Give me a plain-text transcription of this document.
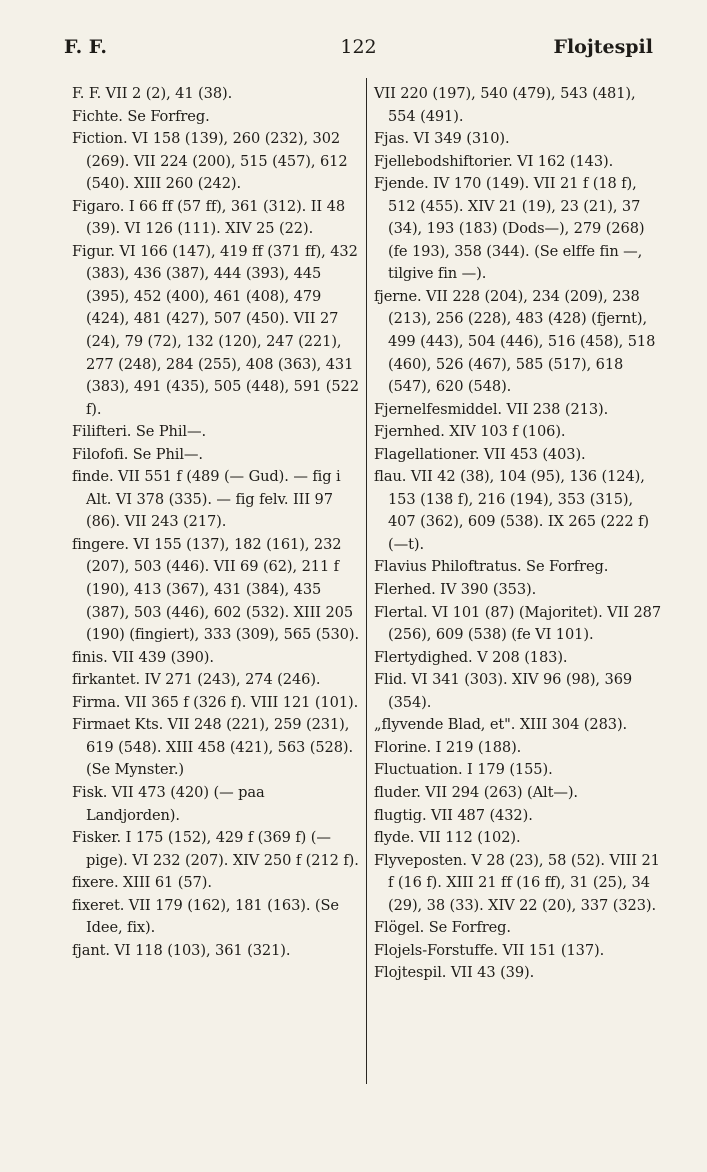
F. F.	122	Flojtespil

F. F. VII 2 (2), 41 (38).

Fichte. Se Forfreg.

Fiction. VI 158 (139), 260 (232), 302 (269). VII 224 (200), 515 (457), 612 (540). XIII 260 (242).

Figaro. I 66 ff (57 ff), 361 (312). II 48 (39). VI 126 (111). XIV 25 (22).

Figur. VI 166 (147), 419 ff (371 ff), 432 (383), 436 (387), 444 (393), 445 (395), 452 (400), 461 (408), 479 (424), 481 (427), 507 (450). VII 27 (24), 79 (72), 132 (120), 247 (221), 277 (248), 284 (255), 408 (363), 431 (383), 491 (435), 505 (448), 591 (522 f).

Filifteri. Se Phil—.

Filofofi. Se Phil—.

finde. VII 551 f (489 (— Gud). — fig i Alt. VI 378 (335). — fig felv. III 97 (86). VII 243 (217).

fingere. VI 155 (137), 182 (161), 232 (207), 503 (446). VII 69 (62), 211 f (190), 413 (367), 431 (384), 435 (387), 503 (446), 602 (532). XIII 205 (190) (fingiert), 333 (309), 565 (530).

finis. VII 439 (390).

firkantet. IV 271 (243), 274 (246).

Firma. VII 365 f (326 f). VIII 121 (101).

Firmaet Kts. VII 248 (221), 259 (231), 619 (548). XIII 458 (421), 563 (528). (Se Mynster.)

Fisk. VII 473 (420) (— paa Landjorden).

Fisker. I 175 (152), 429 f (369 f) (— pige). VI 232 (207). XIV 250 f (212 f).

fixere. XIII 61 (57).

fixeret. VII 179 (162), 181 (163). (Se Idee, fix).

fjant. VI 118 (103), 361 (321).

VII 220 (197), 540 (479), 543 (481), 554 (491).

Fjas. VI 349 (310).

Fjellebodshiftorier. VI 162 (143).

Fjende. IV 170 (149). VII 21 f (18 f), 512 (455). XIV 21 (19), 23 (21), 37 (34), 193 (183) (Dods—), 279 (268) (fe 193), 358 (344). (Se elffe fin —, tilgive fin —).

fjerne. VII 228 (204), 234 (209), 238 (213), 256 (228), 483 (428) (fjernt), 499 (443), 504 (446), 516 (458), 518 (460), 526 (467), 585 (517), 618 (547), 620 (548).

Fjernelfesmiddel. VII 238 (213).

Fjernhed. XIV 103 f (106).

Flagellationer. VII 453 (403).

flau. VII 42 (38), 104 (95), 136 (124), 153 (138 f), 216 (194), 353 (315), 407 (362), 609 (538). IX 265 (222 f) (—t).

Flavius Philoftratus. Se Forfreg.

Flerhed. IV 390 (353).

Flertal. VI 101 (87) (Majoritet). VII 287 (256), 609 (538) (fe VI 101).

Flertydighed. V 208 (183).

Flid. VI 341 (303). XIV 96 (98), 369 (354).

„flyvende Blad, et". XIII 304 (283).

Florine. I 219 (188).

Fluctuation. I 179 (155).

fluder. VII 294 (263) (Alt—).

flugtig. VII 487 (432).

flyde. VII 112 (102).

Flyveposten. V 28 (23), 58 (52). VIII 21 f (16 f). XIII 21 ff (16 ff), 31 (25), 34 (29), 38 (33). XIV 22 (20), 337 (323).

Flögel. Se Forfreg.

Flojels-Forstuffe. VII 151 (137).

Flojtespil. VII 43 (39).
